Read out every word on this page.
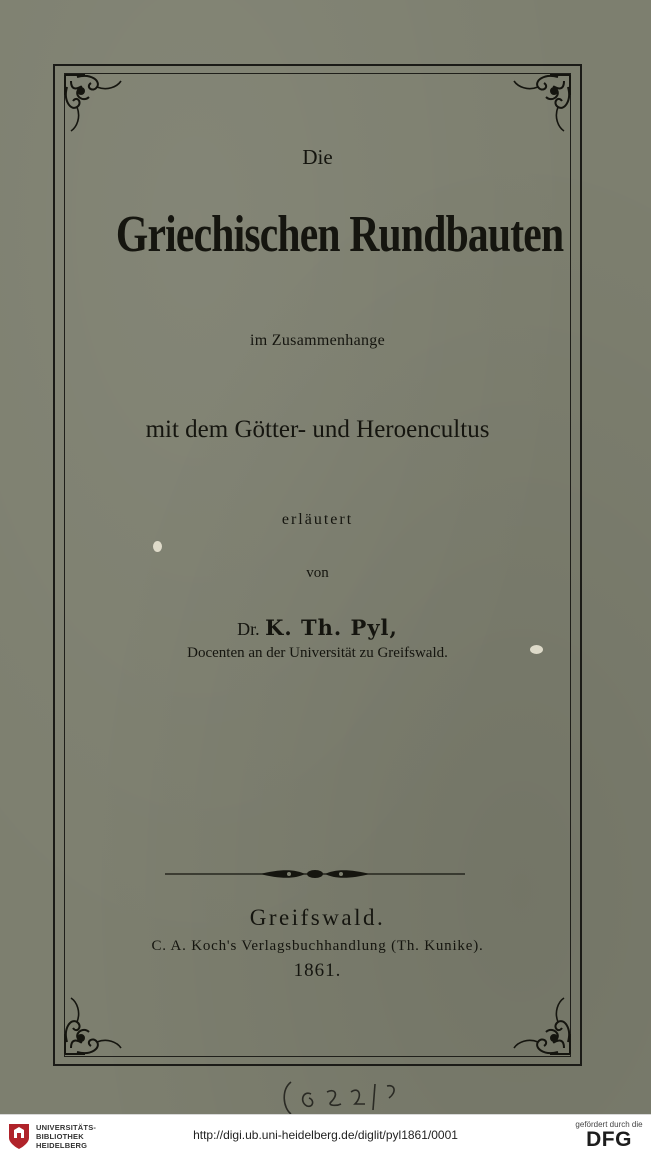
Die
Griechischen Rundbauten
im Zusammenhange
mit dem Götter- und Heroencultus
erläutert
von
Dr. K. Th. Pyl,
Docenten an der Universität zu Greifswald.
Greifswald.
C. A. Koch's Verlagsbuchhandlung (Th. Kunike).
1861.
UNIVERSITÄTS-
BIBLIOTHEK
HEIDELBERG
http://digi.ub.uni-heidelberg.de/diglit/pyl1861/0001
gefördert durch die
DFG
